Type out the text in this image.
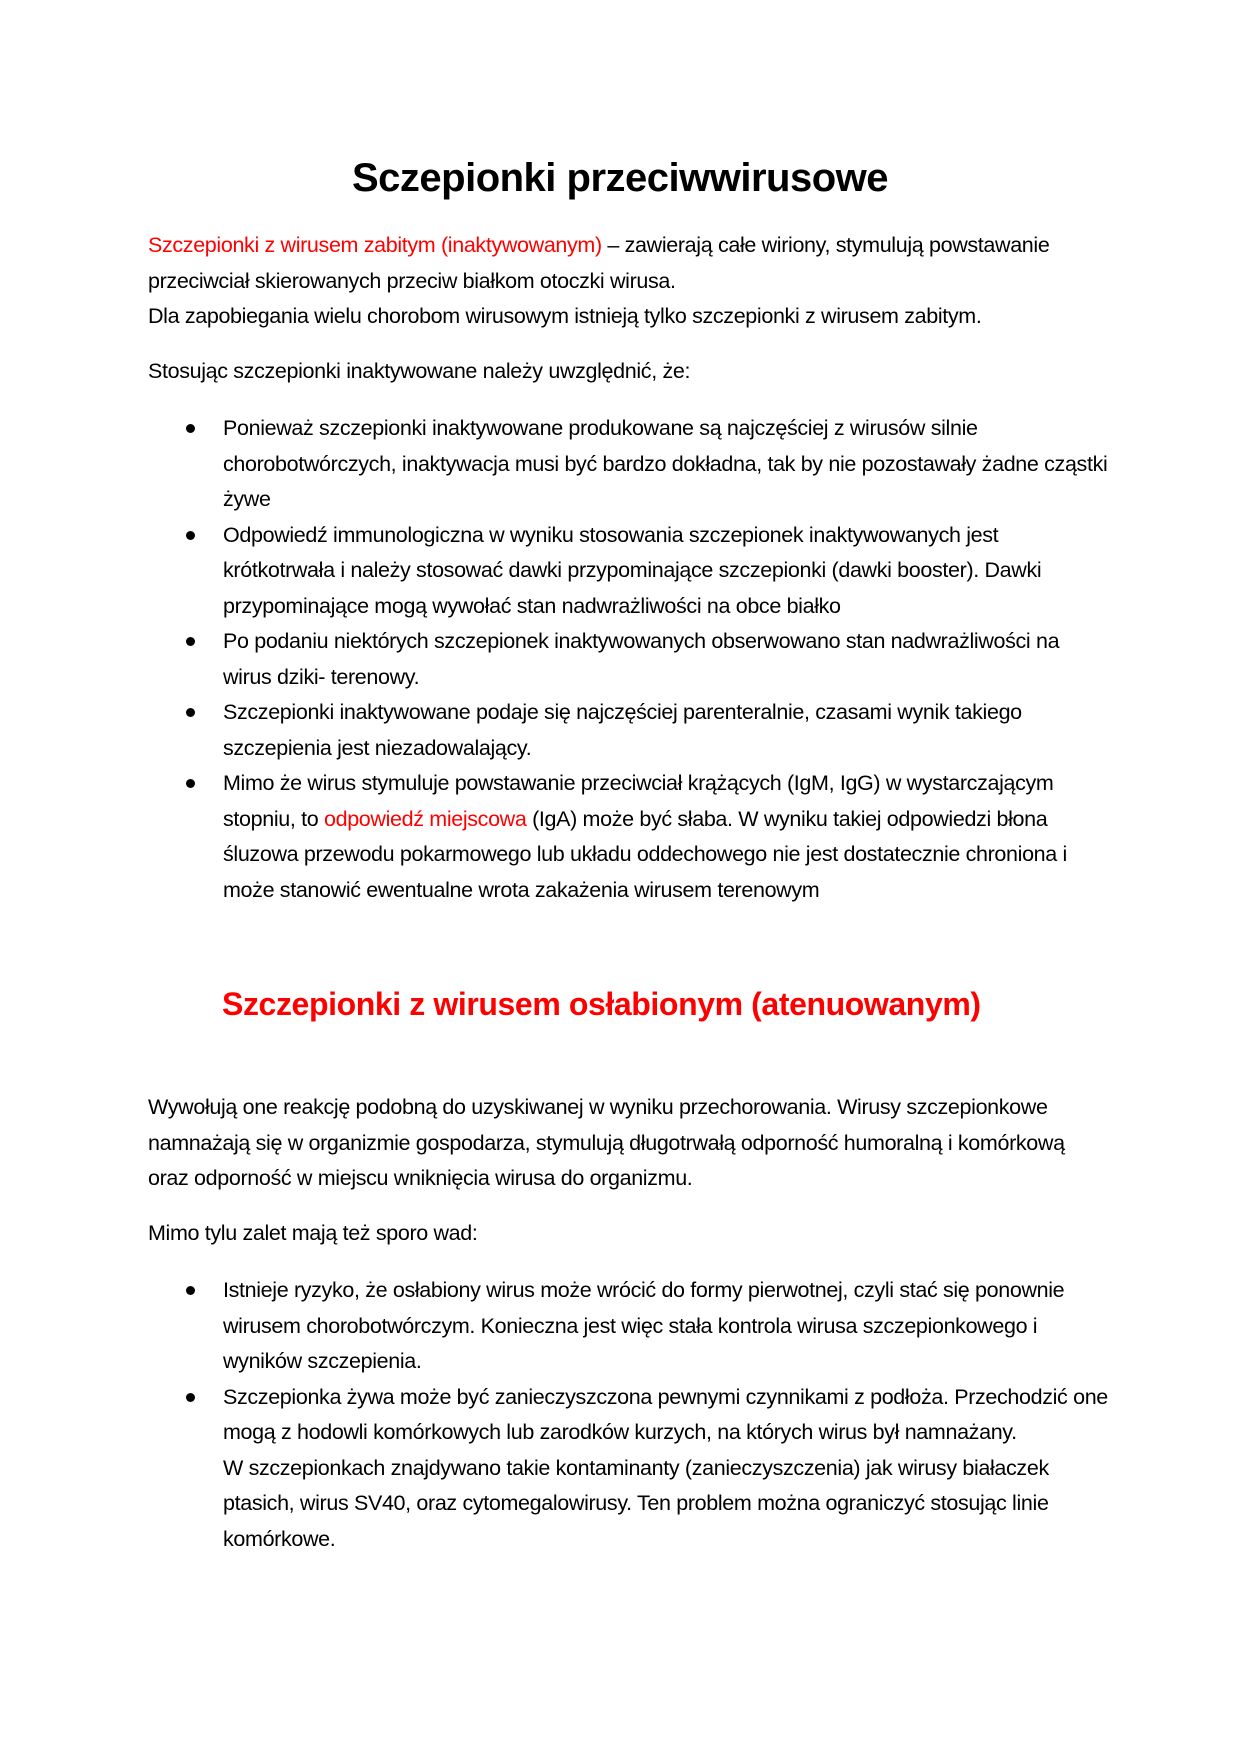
Sczepionki przeciwwirusowe
Szczepionki z wirusem zabitym (inaktywowanym) – zawierają całe wiriony, stymulują powstawanie przeciwciał skierowanych przeciw białkom otoczki wirusa.
Dla zapobiegania wielu chorobom wirusowym istnieją tylko szczepionki z wirusem zabitym.
Stosując szczepionki inaktywowane należy uwzględnić, że:
Ponieważ szczepionki inaktywowane produkowane są najczęściej z wirusów silnie chorobotwórczych, inaktywacja musi być bardzo dokładna, tak by nie pozostawały żadne cząstki żywe
Odpowiedź immunologiczna w wyniku stosowania szczepionek inaktywowanych jest krótkotrwała i należy stosować dawki przypominające szczepionki (dawki booster). Dawki przypominające mogą wywołać stan nadwrażliwości na obce białko
Po podaniu niektórych szczepionek inaktywowanych obserwowano stan nadwrażliwości na wirus dziki- terenowy.
Szczepionki inaktywowane podaje się najczęściej parenteralnie, czasami wynik takiego szczepienia jest niezadowalający.
Mimo że wirus stymuluje powstawanie przeciwciał krążących (IgM, IgG) w wystarczającym stopniu, to odpowiedź miejscowa (IgA) może być słaba. W wyniku takiej odpowiedzi błona śluzowa przewodu pokarmowego lub układu oddechowego nie jest dostatecznie chroniona i może stanowić ewentualne wrota zakażenia wirusem terenowym
Szczepionki z wirusem osłabionym (atenuowanym)
Wywołują one reakcję podobną do uzyskiwanej w wyniku przechorowania. Wirusy szczepionkowe namnażają się w organizmie gospodarza, stymulują długotrwałą odporność humoralną i komórkową oraz odporność w miejscu wniknięcia wirusa do organizmu.
Mimo tylu zalet mają też sporo wad:
Istnieje ryzyko, że osłabiony wirus może wrócić do formy pierwotnej, czyli stać się ponownie wirusem chorobotwórczym. Konieczna jest więc stała kontrola wirusa szczepionkowego i wyników szczepienia.
Szczepionka żywa może być zanieczyszczona pewnymi czynnikami z podłoża. Przechodzić one mogą z hodowli komórkowych lub zarodków kurzych, na których wirus był namnażany.
W szczepionkach znajdywano takie kontaminanty (zanieczyszczenia) jak wirusy białaczek ptasich, wirus SV40, oraz cytomegalowirusy. Ten problem można ograniczyć stosując linie komórkowe.
